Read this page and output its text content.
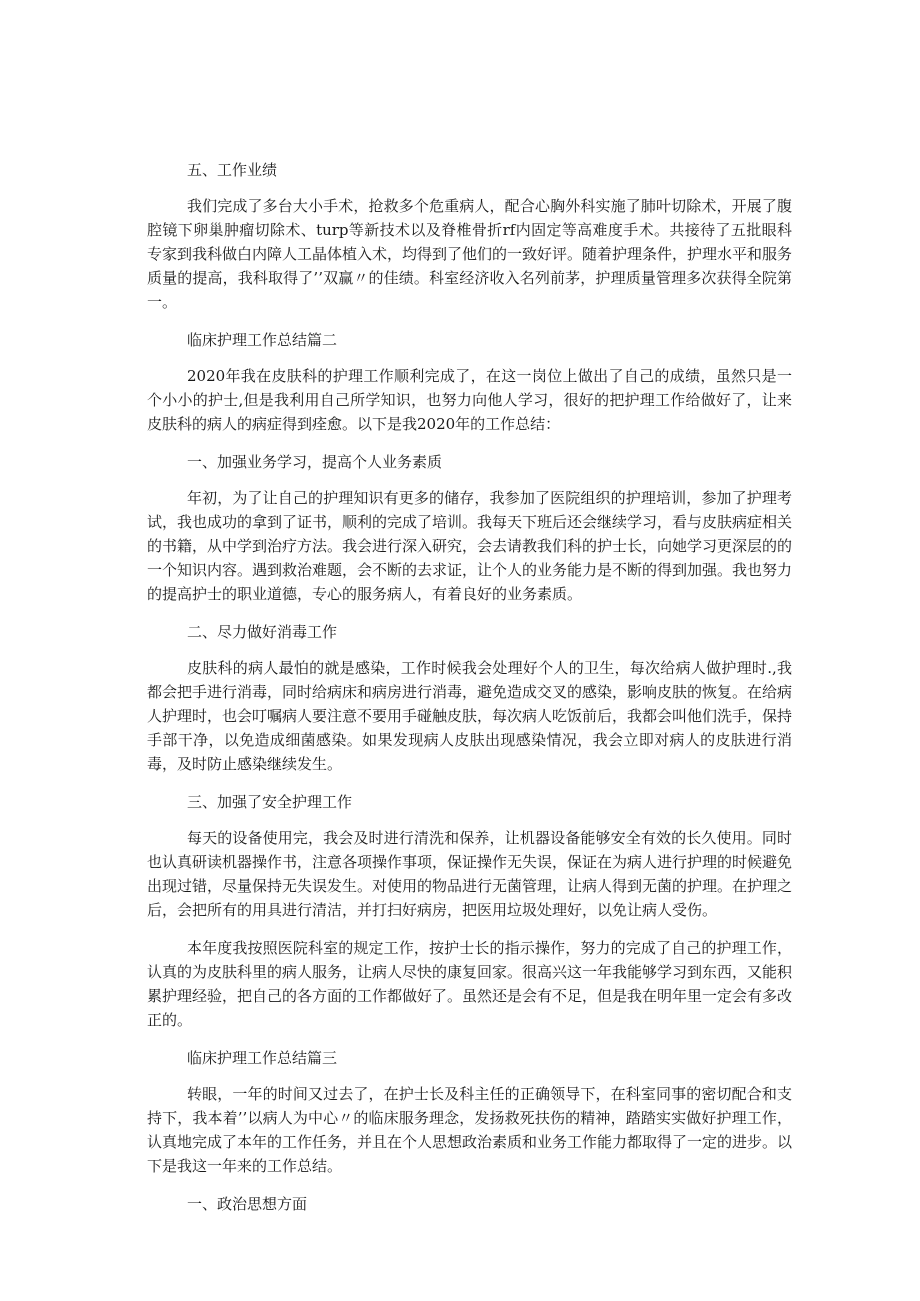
五、工作业绩

我们完成了多台大小手术，抢救多个危重病人，配合心胸外科实施了肺叶切除术，开展了腹腔镜下卵巢肿瘤切除术、turp等新技术以及脊椎骨折rf内固定等高难度手术。共接待了五批眼科专家到我科做白内障人工晶体植入术，均得到了他们的一致好评。随着护理条件，护理水平和服务质量的提高，我科取得了’’双赢〃的佳绩。科室经济收入名列前茅，护理质量管理多次获得全院第一。

临床护理工作总结篇二

2020年我在皮肤科的护理工作顺利完成了，在这一岗位上做出了自己的成绩，虽然只是一个小小的护士,但是我利用自己所学知识，也努力向他人学习，很好的把护理工作给做好了，让来皮肤科的病人的病症得到痊愈。以下是我2020年的工作总结：

一、加强业务学习，提高个人业务素质

年初，为了让自己的护理知识有更多的储存，我参加了医院组织的护理培训，参加了护理考试，我也成功的拿到了证书，顺利的完成了培训。我每天下班后还会继续学习，看与皮肤病症相关的书籍，从中学到治疗方法。我会进行深入研究，会去请教我们科的护士长，向她学习更深层的的一个知识内容。遇到救治难题，会不断的去求证，让个人的业务能力是不断的得到加强。我也努力的提高护士的职业道德，专心的服务病人，有着良好的业务素质。

二、尽力做好消毒工作

皮肤科的病人最怕的就是感染，工作时候我会处理好个人的卫生，每次给病人做护理时.,我都会把手进行消毒，同时给病床和病房进行消毒，避免造成交叉的感染，影响皮肤的恢复。在给病人护理时，也会叮嘱病人要注意不要用手碰触皮肤，每次病人吃饭前后，我都会叫他们洗手，保持手部干净，以免造成细菌感染。如果发现病人皮肤出现感染情况，我会立即对病人的皮肤进行消毒，及时防止感染继续发生。

三、加强了安全护理工作

每天的设备使用完，我会及时进行清洗和保养，让机器设备能够安全有效的长久使用。同时也认真研读机器操作书，注意各项操作事项，保证操作无失误，保证在为病人进行护理的时候避免出现过错，尽量保持无失误发生。对使用的物品进行无菌管理，让病人得到无菌的护理。在护理之后，会把所有的用具进行清洁，并打扫好病房，把医用垃圾处理好，以免让病人受伤。

本年度我按照医院科室的规定工作，按护士长的指示操作，努力的完成了自己的护理工作，认真的为皮肤科里的病人服务，让病人尽快的康复回家。很高兴这一年我能够学习到东西，又能积累护理经验，把自己的各方面的工作都做好了。虽然还是会有不足，但是我在明年里一定会有多改正的。

临床护理工作总结篇三

转眼，一年的时间又过去了，在护士长及科主任的正确领导下，在科室同事的密切配合和支持下，我本着’’以病人为中心〃的临床服务理念，发扬救死扶伤的精神，踏踏实实做好护理工作，认真地完成了本年的工作任务，并且在个人思想政治素质和业务工作能力都取得了一定的进步。以下是我这一年来的工作总结。

一、政治思想方面
